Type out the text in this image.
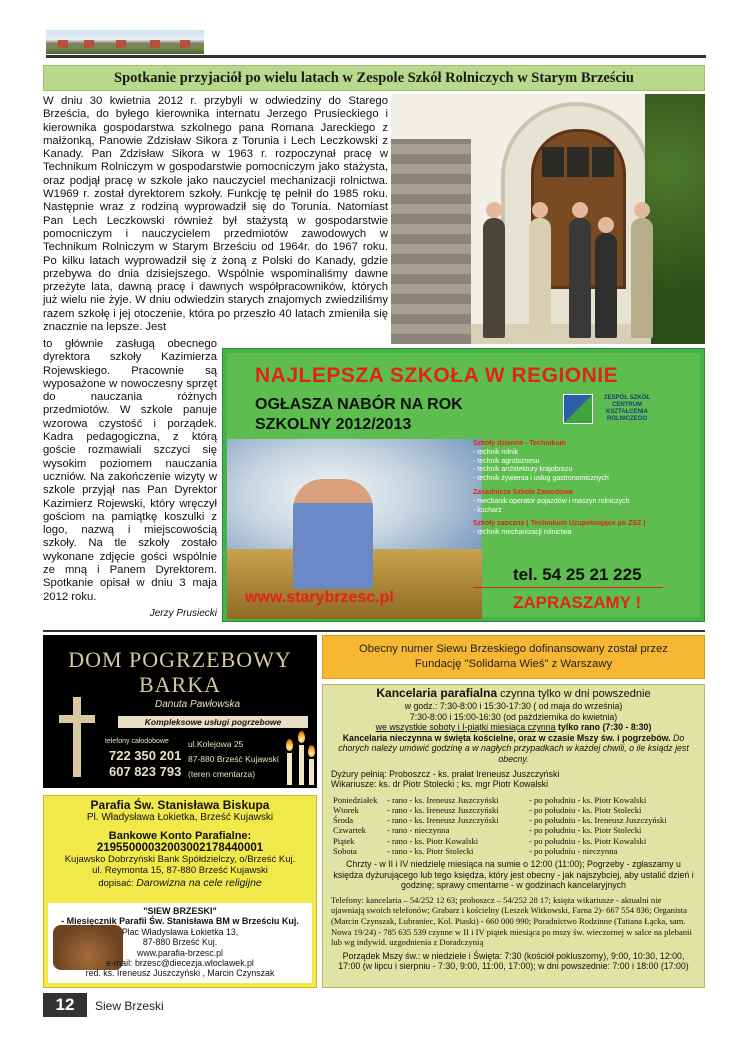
Spotkanie przyjaciół po wielu latach w Zespole Szkół Rolniczych w Starym Brześciu
W dniu 30 kwietnia 2012 r. przybyli w odwiedziny do Starego Brześcia, do byłego kierownika internatu Jerzego Prusieckiego i kierownika gospodarstwa szkolnego pana Romana Jareckiego z małżonką, Panowie Zdzisław Sikora z Torunia i Lech Leczkowski z Kanady. Pan Zdzisław Sikora w 1963 r. rozpoczynał pracę w Technikum Rolniczym w gospodarstwie pomocniczym jako stażysta, oraz podjął pracę w szkole jako nauczyciel mechanizacji rolnictwa. W1969 r. został dyrektorem szkoły. Funkcję tę pełnił do 1985 roku. Następnie wraz z rodziną wyprowadził się do Torunia. Natomiast Pan Lech Leczkowski również był stażystą w gospodarstwie pomocniczym i nauczycielem przedmiotów zawodowych w Technikum Rolniczym w Starym Brześciu od 1964r. do 1967 roku. Po kilku latach wyprowadził się z żoną z Polski do Kanady, gdzie przebywa do dnia dzisiejszego. Wspólnie wspominaliśmy dawne przeżyte lata, dawną pracę i dawnych współpracowników, których już wielu nie żyje. W dniu odwiedzin starych znajomych zwiedziliśmy razem szkołę i jej otoczenie, która po przeszło 40 latach zmieniła się znacznie na lepsze. Jest
to głównie zasługą obecnego dyrektora szkoły Kazimierza Rojewskiego. Pracownie są wyposażone w nowoczesny sprzęt do nauczania różnych przedmiotów. W szkole panuje wzorowa czystość i porządek. Kadra pedagogiczna, z którą goście rozmawiali szczyci się wysokim poziomem nauczania uczniów. Na zakończenie wizyty w szkole przyjął nas Pan Dyrektor Kazimierz Rojewski, który wręczył gościom na pamiątkę koszulki z logo, nazwą i miejscowością szkoły. Na tle szkoły zostało wykonane zdjęcie gości wspólnie ze mną i Panem Dyrektorem. Spotkanie opisał w dniu 3 maja 2012 roku.
Jerzy Prusiecki
NAJLEPSZA SZKOŁA W REGIONIE
OGŁASZA NABÓR NA ROK
SZKOLNY 2012/2013
ZESPÓŁ SZKÓŁ
CENTRUM
KSZTAŁCENIA
ROLNICZEGO
www.starybrzesc.pl
Szkoły dzienne - Technikum
- technik rolnik
- technik agrobiznesu
- technik architektury krajobrazu
- technik żywienia i usług gastronomicznych
Zasadnicza Szkoła Zawodowa
- mechanik operator pojazdów i maszyn rolniczych
- kucharz
Szkoły zaoczne ( Technikum Uzupełniające po ZSZ )
- technik mechanizacji rolnictwa
tel. 54 25 21 225
ZAPRASZAMY !
DOM POGRZEBOWY
BARKA
Danuta Pawłowska
Kompleksowe usługi pogrzebowe
telefony całodobowe
722 350 201
607 823 793
ul.Kolejowa 25
87-880 Brześć Kujawski
(teren cmentarza)
Parafia Św. Stanisława Biskupa
Pl. Władysława Łokietka, Brześć Kujawski
Bankowe Konto Parafialne:
21955000032003002178440001
Kujawsko Dobrzyński Bank Spółdzielczy, o/Brześć Kuj.
ul. Reymonta 15, 87-880 Brześć Kujawski
dopisać: Darowizna na cele religijne
"SIEW BRZESKI"
- Miesięcznik Parafii Św. Stanisława BM w Brześciu Kuj.
Plac Władysława Łokietka 13,
87-880 Brześć Kuj.
www.parafia-brzesc.pl
e-mail: brzesc@diecezja.wloclawek.pl
red. ks. Ireneusz Juszczyński , Marcin Czynszak
Obecny numer Siewu Brzeskiego dofinansowany został przez
Fundację "Solidarna Wieś" z Warszawy
Kancelaria parafialna czynna tylko w dni powszednie
w godz.: 7:30-8:00 i 15:30-17:30 ( od maja do września)
7:30-8:00 i 15:00-16:30 (od października do kwietnia)
we wszystkie soboty i I-piątki miesiąca czynna tylko rano (7:30 - 8:30)
Kancelaria nieczynna w święta kościelne, oraz w czasie Mszy św. i pogrzebów. Do chorych należy umówić godzinę a w nagłych przypadkach w każdej chwili, o ile ksiądz jest obecny.
Dyżury pełnią: Proboszcz - ks. prałat Ireneusz Juszczyński
Wikariusze: ks. dr Piotr Stolecki ; ks. mgr Piotr Kowalski
Poniedziałek	- rano - ks. Ireneusz Juszczyński	- po południu - ks. Piotr Kowalski
Wtorek	- rano - ks. Ireneusz Juszczyński	- po południu - ks. Piotr Stolecki
Środa	- rano - ks. Ireneusz Juszczyński	- po południu - ks. Ireneusz Juszczyński
Czwartek	- rano - nieczynna	- po południu - ks. Piotr Stolecki
Piątek	- rano - ks. Piotr Kowalski	- po południu - ks. Piotr Kowalski
Sobota	- rano - ks. Piotr Stolecki	- po południu - nieczynna
Chrzty - w II i IV niedzielę miesiąca na sumie o 12:00 (11:00); Pogrzeby - zgłaszamy u księdza dyżurującego lub tego księdza, który jest obecny - jak najszybciej, aby ustalić dzień i godzinę; sprawy cmentarne - w godzinach kancelaryjnych
Telefony: kancelaria – 54/252 12 63; proboszcz – 54/252 28 17; księża wikariusze - aktualni nie ujawniają swoich telefonów; Grabarz i kościelny (Leszek Witkowski, Farna 2)- 667 554 836; Organista (Marcin Czynszak, Lubraniec, Kol. Piaski) - 660 000 990; Poradnictwo Rodzinne (Tatiana Łącka, sam. Nowa 19/24) - 785 635 539 czynne w II i IV piątek miesiąca po mszy św. wieczornej w salce na plebanii lub wg indywid. uzgodnienia z Doradczynią
Porządek Mszy św.: w niedziele i Święta: 7:30 (kościół pokluszorny), 9:00, 10:30, 12:00, 17:00 (w lipcu i sierpniu - 7:30, 9:00, 11:00, 17:00); w dni powszednie: 7:00 i 18:00 (17:00)
12	Siew Brzeski
